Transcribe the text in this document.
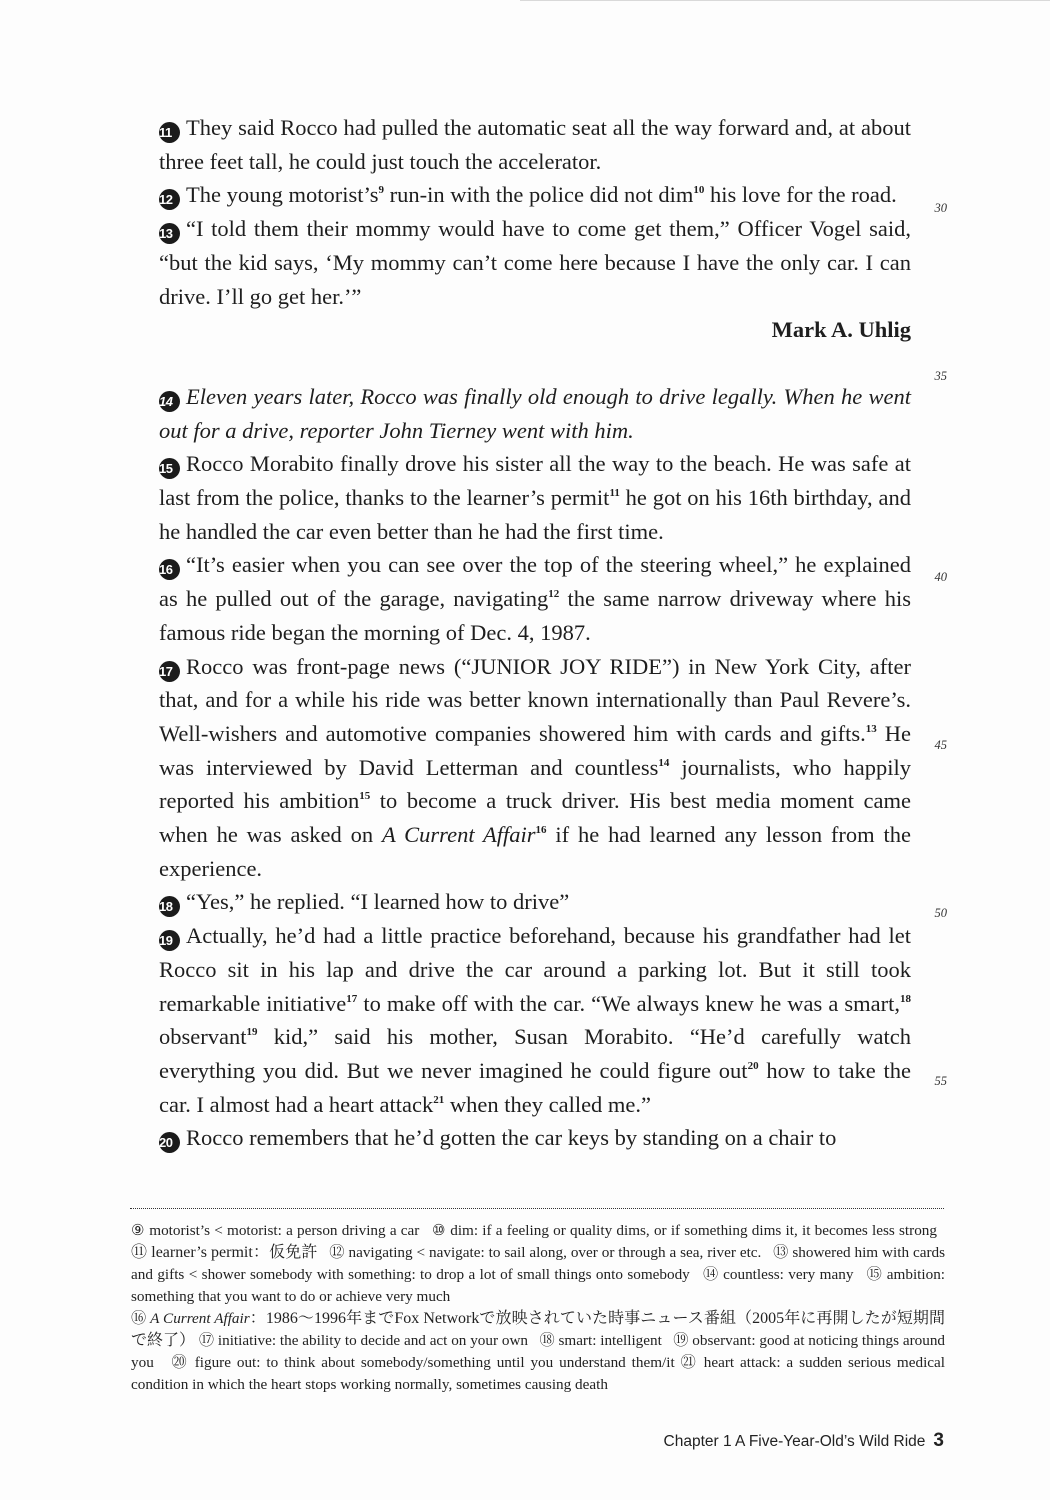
11 They said Rocco had pulled the automatic seat all the way forward and, at about three feet tall, he could just touch the accelerator.
12 The young $motorist’s^9$ run-in with the police did not dim$^{10}$ his love for the road.
13 “I told them their mommy would have to come get them,” Officer Vogel said, “but the kid says, ‘My mommy can’t come here because I have the only car. I can drive. I’ll go get her.’”
Mark A. Uhlig
14 Eleven years later, Rocco was finally old enough to drive legally. When he went out for a drive, reporter John Tierney went with him.
15 Rocco Morabito finally drove his sister all the way to the beach. He was safe at last from the police, thanks to the learner’s permit$^{11}$ he got on his 16th birthday, and he handled the car even better than he had the first time.
16 “It’s easier when you can see over the top of the steering wheel,” he explained as he pulled out of the garage, navigating$^{12}$ the same narrow driveway where his famous ride began the morning of Dec. 4, 1987.
17 Rocco was front-page news (“JUNIOR JOY RIDE”) in New York City, after that, and for a while his ride was better known internationally than Paul Revere’s. Well-wishers and automotive companies showered him with cards and gifts.$^{13}$ He was interviewed by David Letterman and countless$^{14}$ journalists, who happily reported his ambition$^{15}$ to become a truck driver. His best media moment came when he was asked on A Current Affair$^{16}$ if he had learned any lesson from the experience.
18 “Yes,” he replied. “I learned how to drive”
19 Actually, he’d had a little practice beforehand, because his grandfather had let Rocco sit in his lap and drive the car around a parking lot. But it still took remarkable initiative$^{17}$ to make off with the car. “We always knew he was a smart,$^{18}$ observant$^{19}$ kid,” said his mother, Susan Morabito. “He’d carefully watch everything you did. But we never imagined he could figure out$^{20}$ how to take the car. I almost had a heart attack$^{21}$ when they called me.”
20 Rocco remembers that he’d gotten the car keys by standing on a chair to
30
35
40
45
50
55
⑨ motorist’s < motorist: a person driving a car ⑩ dim: if a feeling or quality dims, or if something dims it, it becomes less strong   ⑪ learner’s permit：仮免許 ⑫ navigating < navigate: to sail along, over or through a sea, river etc. ⑬ showered him with cards and gifts < shower somebody with something: to drop a lot of small things onto somebody ⑭ countless: very many ⑮ ambition: something that you want to do or achieve very much
⑯ A Current Affair：1986～1996年までFox Networkで放映されていた時事ニュース番組（2005年に再開したが短期間で終了） ⑰ initiative: the ability to decide and act on your own ⑱ smart: intelligent ⑲ observant: good at noticing things around you ⑳ figure out: to think about somebody/something until you understand them/it ㉑ heart attack: a sudden serious medical condition in which the heart stops working normally, sometimes causing death
Chapter 1 A Five-Year-Old’s Wild Ride 3
